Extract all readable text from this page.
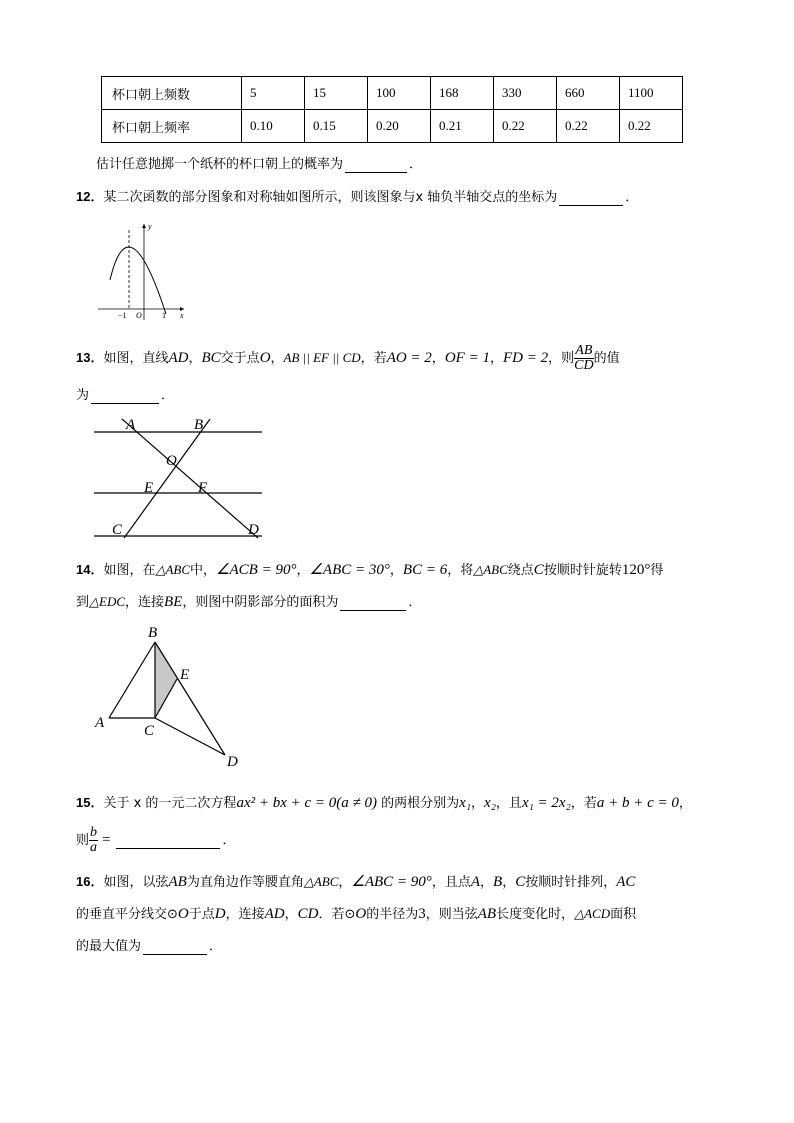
杯口朝上频数	5	15	100	168	330	660	1100
杯口朝上频率	0.10	0.15	0.20	0.21	0.22	0.22	0.22
估计任意抛掷一个纸杯的杯口朝上的概率为	．
12．某二次函数的部分图象和对称轴如图所示，则该图象与x 轴负半轴交点的坐标为	．
y
x
O
−1	1
13．如图，直线AD，BC交于点O，AB || EF || CD，若AO = 2，OF = 1，FD = 2，则 $\frac{AB}{CD}$ 的值
为	．
A	B
O
E	F
C	D
14．如图，在△ABC中，∠ACB = 90°，∠ABC = 30°，BC = 6，将△ABC绕点C按顺时针旋转120°得
到△EDC，连接BE，则图中阴影部分的面积为	．
A
B
C
D
E
15．关于 x 的一元二次方程ax² + bx + c = 0(a ≠ 0) 的两根分别为x₁，x₂，且x₁ = 2x₂，若a + b + c = 0，
则 $\frac{b}{a}$ =	．
16．如图，以弦AB为直角边作等腰直角△ABC，∠ABC = 90°，且点A，B，C按顺时针排列，AC
的垂直平分线交⊙O于点D，连接AD，CD．若⊙O的半径为3，则当弦AB长度变化时，△ACD面积
的最大值为	．
